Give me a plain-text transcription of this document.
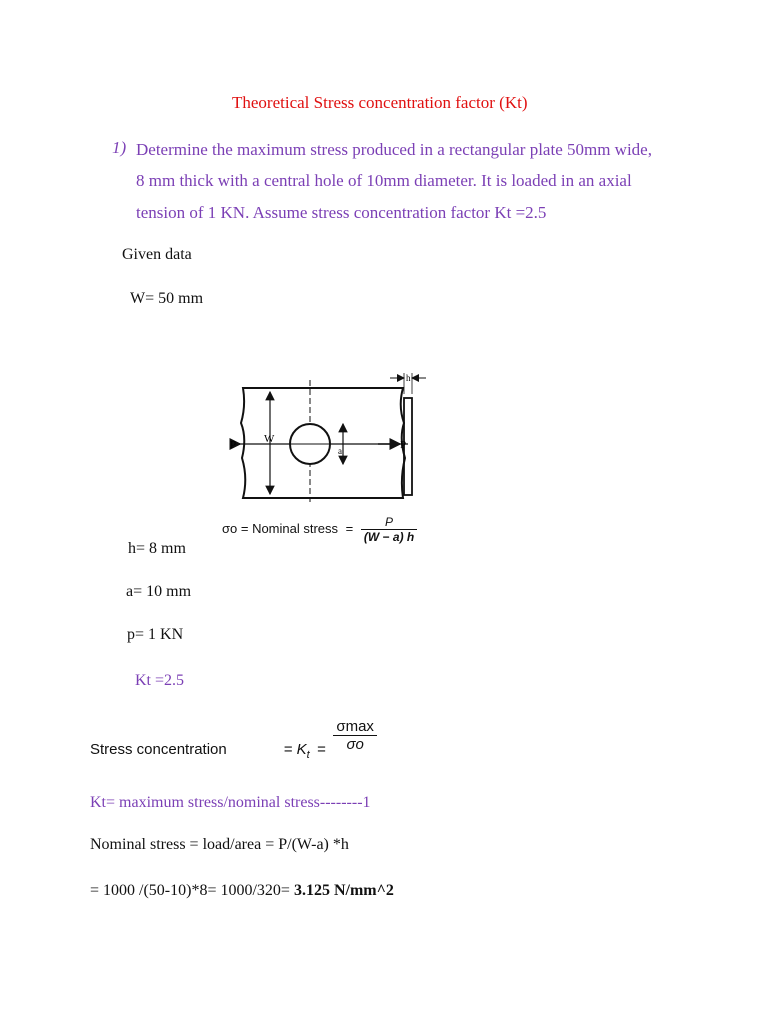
Theoretical Stress concentration factor (Kt)
1) Determine the maximum stress produced in a rectangular plate 50mm wide,
8 mm thick with a central hole of 10mm diameter. It is loaded in an axial
tension of 1 KN. Assume stress concentration factor Kt =2.5
Given data
W= 50 mm
P	P
W
a
h
σo = Nominal stress = $\frac{P}{(W - a) h}$
h= 8 mm
a= 10 mm
p= 1 KN
Kt =2.5
Stress concentration	= $K_t = \frac{\sigma\max}{\sigma o}$
Kt= maximum stress/nominal stress--------1
Nominal stress = load/area = P/(W-a) *h
= 1000 /(50-10)*8= 1000/320= 3.125 N/mm^2
